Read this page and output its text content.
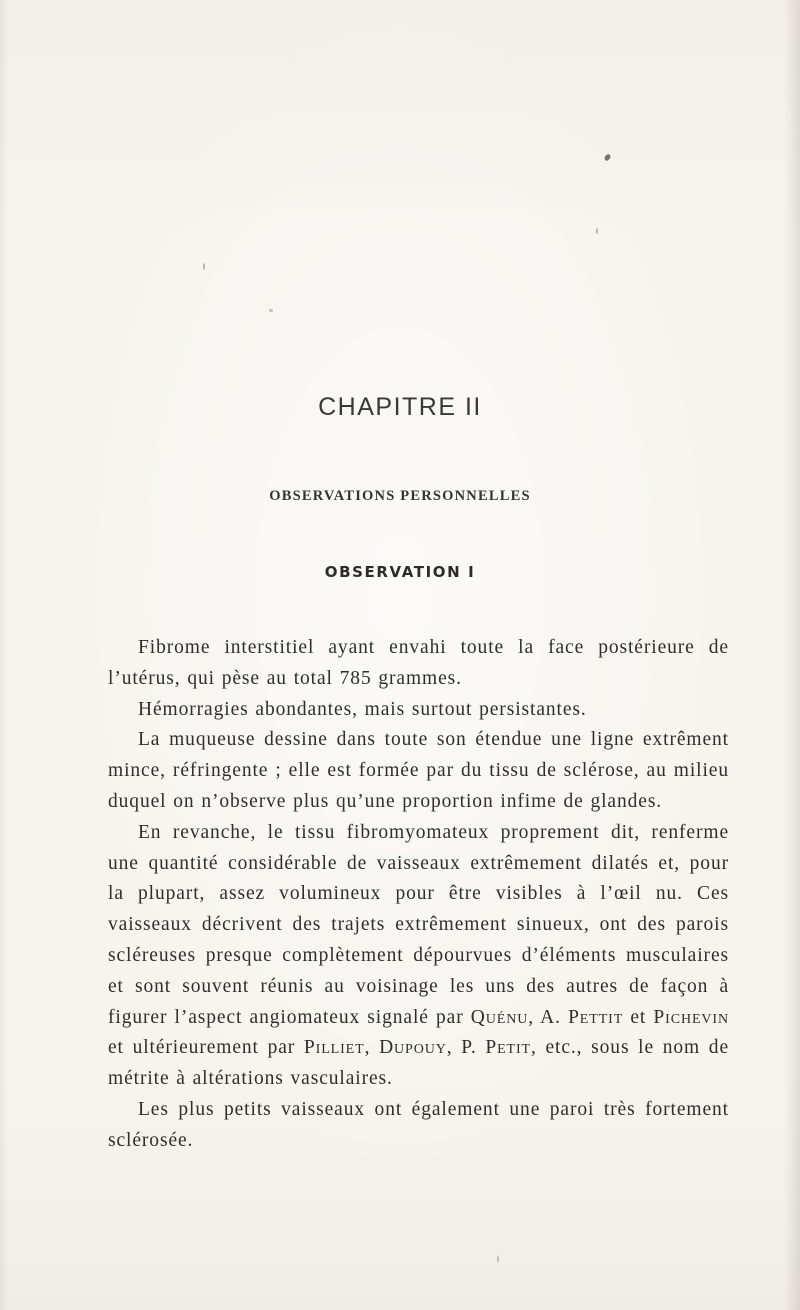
CHAPITRE II
OBSERVATIONS PERSONNELLES
OBSERVATION I

Fibrome interstitiel ayant envahi toute la face postérieure de l’utérus, qui pèse au total 785 grammes.

Hémorragies abondantes, mais surtout persistantes.

La muqueuse dessine dans toute son étendue une ligne extrêment mince, réfringente ; elle est formée par du tissu de sclérose, au milieu duquel on n’observe plus qu’une proportion infime de glandes.

En revanche, le tissu fibromyomateux proprement dit, renferme une quantité considérable de vaisseaux extrêmement dilatés et, pour la plupart, assez volumineux pour être visibles à l’œil nu. Ces vaisseaux décrivent des trajets extrêmement sinueux, ont des parois scléreuses presque complètement dépourvues d’éléments musculaires et sont souvent réunis au voisinage les uns des autres de façon à figurer l’aspect angiomateux signalé par Quénu, A. Pettit et Pichevin et ultérieurement par Pilliet, Dupouy, P. Petit, etc., sous le nom de métrite à altérations vasculaires.

Les plus petits vaisseaux ont également une paroi très fortement sclérosée.
